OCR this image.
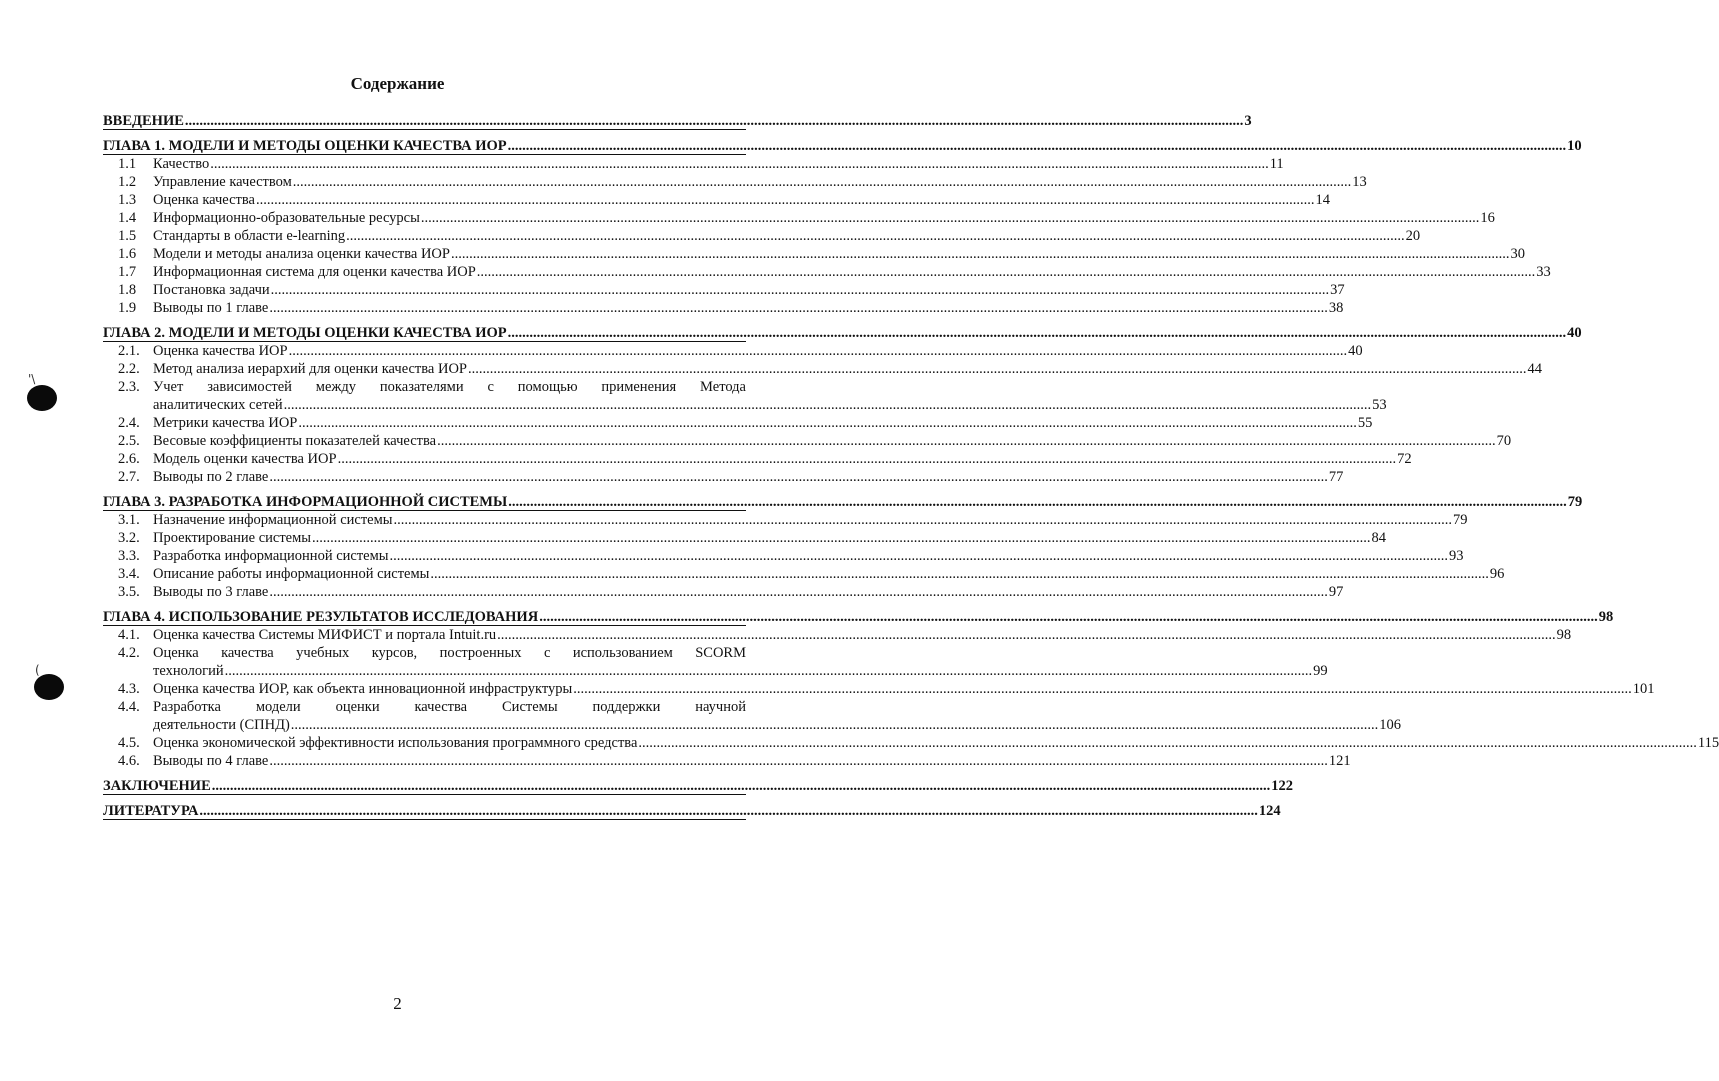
Содержание
ВВЕДЕНИЕ .....	3
ГЛАВА 1. МОДЕЛИ И МЕТОДЫ ОЦЕНКИ КАЧЕСТВА ИОР .....	10
1.1	Качество .....	11
1.2	Управление качеством .....	13
1.3	Оценка качества .....	14
1.4	Информационно-образовательные ресурсы .....	16
1.5	Стандарты в области e-learning .....	20
1.6	Модели и методы анализа оценки качества ИОР .....	30
1.7	Информационная система для оценки качества ИОР .....	33
1.8	Постановка задачи .....	37
1.9	Выводы по 1 главе .....	38
ГЛАВА 2. МОДЕЛИ И МЕТОДЫ ОЦЕНКИ КАЧЕСТВА ИОР .....	40
2.1. Оценка качества ИОР .....	40
2.2. Метод анализа иерархий для оценки качества ИОР .....	44
2.3. Учет зависимостей между показателями с помощью применения Метода
аналитических сетей ............................................................................................................................................................................................................................................................................................................ 53
2.4. Метрики качества ИОР .....	55
2.5. Весовые коэффициенты показателей качества .....	70
2.6. Модель оценки качества ИОР .....	72
2.7. Выводы по 2 главе .....	77
ГЛАВА 3. РАЗРАБОТКА ИНФОРМАЦИОННОЙ СИСТЕМЫ .....	79
3.1. Назначение информационной системы .....	79
3.2. Проектирование системы .....	84
3.3. Разработка информационной системы .....	93
3.4. Описание работы информационной системы .....	96
3.5. Выводы по 3 главе .....	97
ГЛАВА 4. ИСПОЛЬЗОВАНИЕ РЕЗУЛЬТАТОВ ИССЛЕДОВАНИЯ .....	98
4.1. Оценка качества Системы МИФИСТ и портала Intuit.ru .....	98
4.2. Оценка качества учебных курсов, построенных с использованием SCORM
технологий ............................................................................................................................................................................................................................................................................................................ 99
4.3. Оценка качества ИОР, как объекта инновационной инфраструктуры .....	101
4.4. Разработка модели оценки качества Системы поддержки научной
деятельности (СПНД) ............................................................................................................................................................................................................................................................................................................ 106
4.5. Оценка экономической эффективности использования программного средства .....	115
4.6. Выводы по 4 главе .....	121
ЗАКЛЮЧЕНИЕ .....	122
ЛИТЕРАТУРА .....	124
2
'\
(
